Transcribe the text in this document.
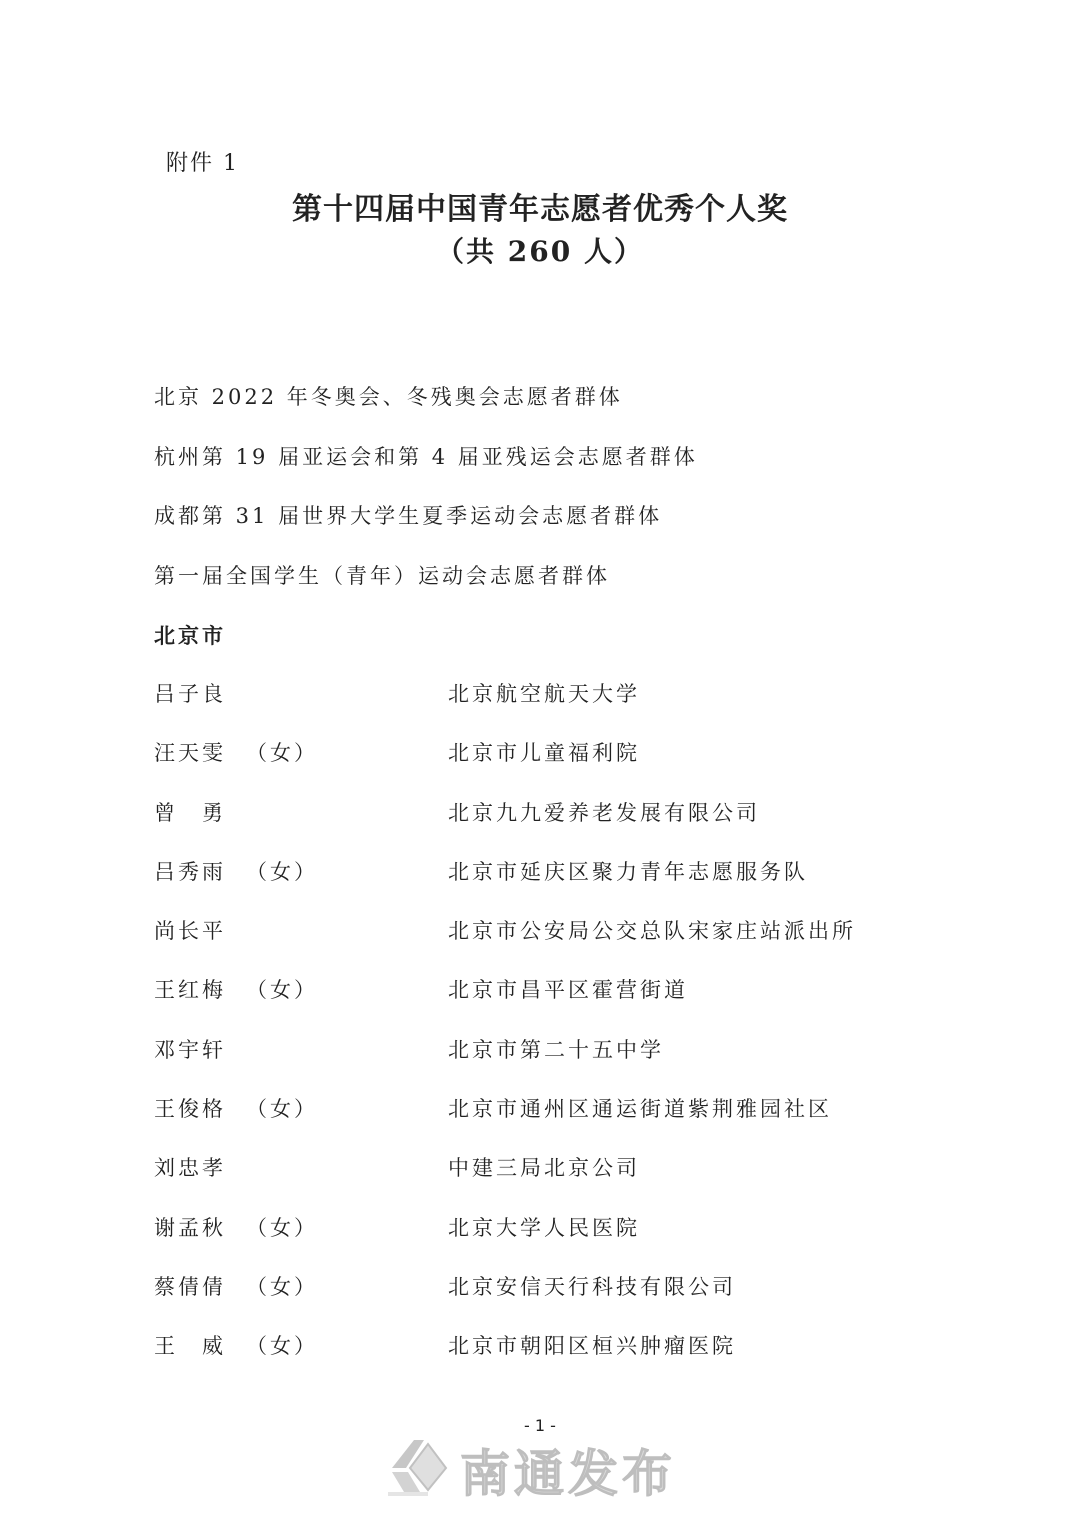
附件 1
第十四届中国青年志愿者优秀个人奖
（共 260 人）
北京 2022 年冬奥会、冬残奥会志愿者群体
杭州第 19 届亚运会和第 4 届亚残运会志愿者群体
成都第 31 届世界大学生夏季运动会志愿者群体
第一届全国学生（青年）运动会志愿者群体
北京市
吕子良	北京航空航天大学
汪天雯 （女）	北京市儿童福利院
曾　勇	北京九九爱养老发展有限公司
吕秀雨 （女）	北京市延庆区聚力青年志愿服务队
尚长平	北京市公安局公交总队宋家庄站派出所
王红梅 （女）	北京市昌平区霍营街道
邓宇轩	北京市第二十五中学
王俊格 （女）	北京市通州区通运街道紫荆雅园社区
刘忠孝	中建三局北京公司
谢孟秋 （女）	北京大学人民医院
蔡倩倩 （女）	北京安信天行科技有限公司
王　威 （女）	北京市朝阳区桓兴肿瘤医院
- 1 -
南通发布
